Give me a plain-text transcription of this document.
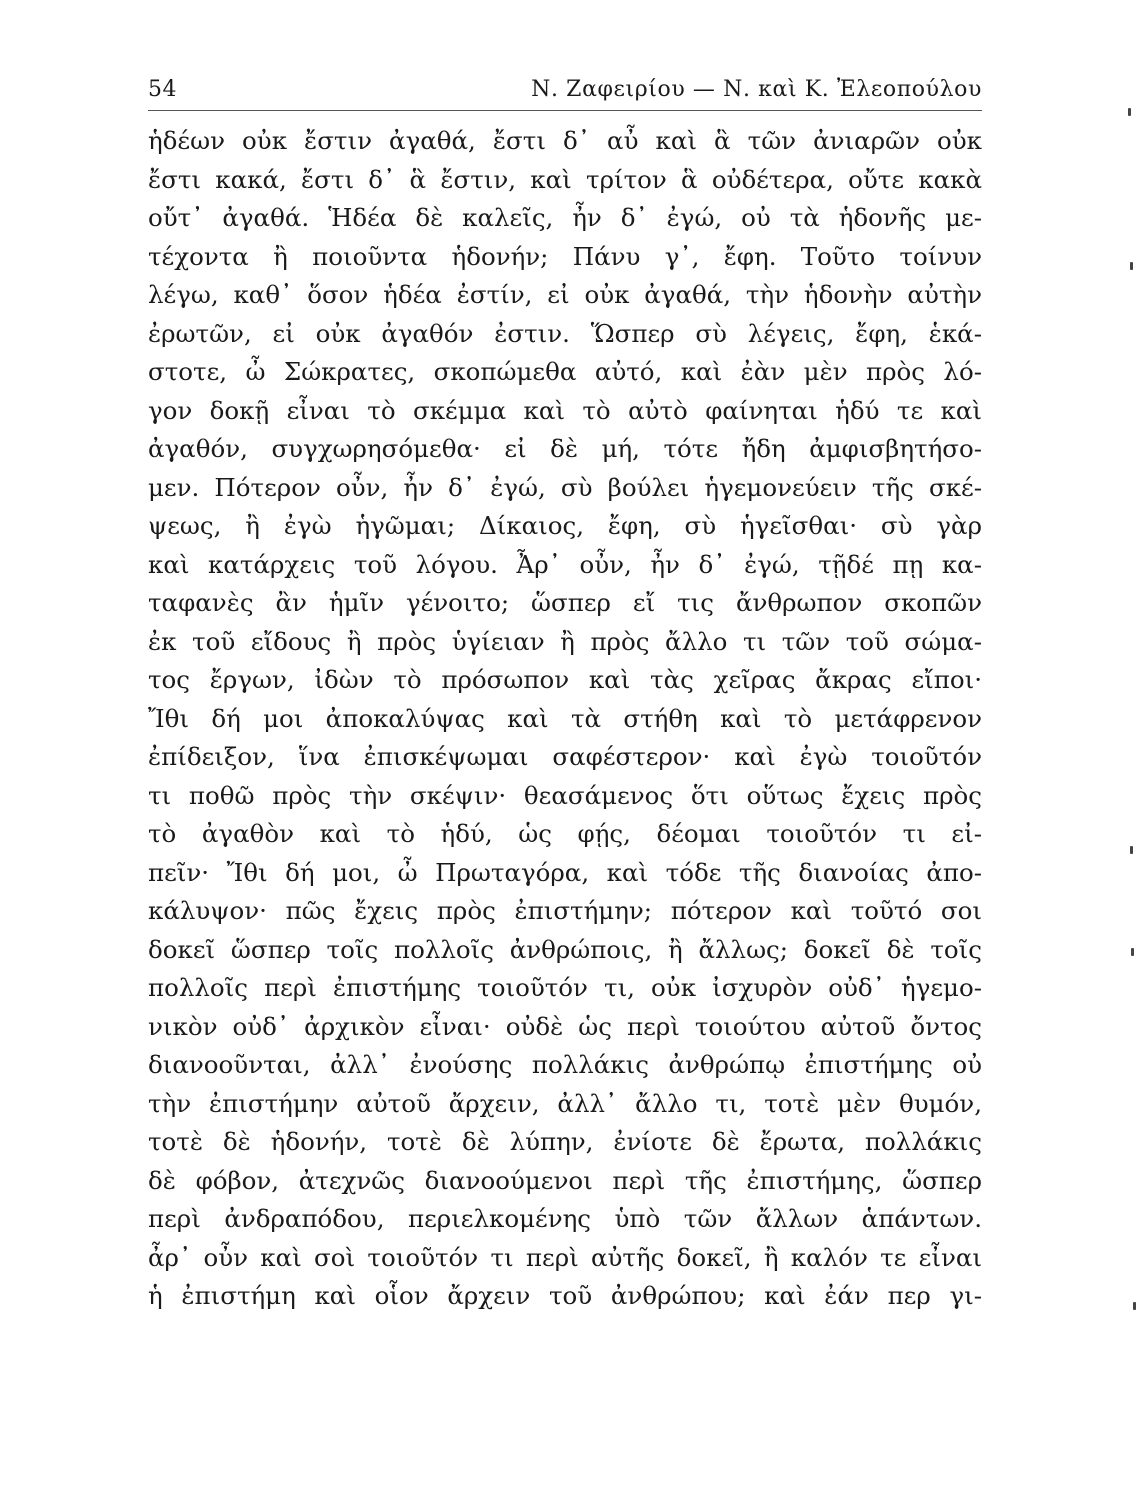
54	Ν. Ζαφειρίου — Ν. καὶ Κ. Ἐλεοπούλου
ἡδέων οὐκ ἔστιν ἀγαθά, ἔστι δ᾽ αὖ καὶ ἃ τῶν ἀνιαρῶν οὐκ
ἔστι κακά, ἔστι δ᾽ ἃ ἔστιν, καὶ τρίτον ἃ οὐδέτερα, οὔτε κακὰ
οὔτ᾽ ἀγαθά. Ἡδέα δὲ καλεῖς, ἦν δ᾽ ἐγώ, οὐ τὰ ἡδονῆς με-
τέχοντα ἢ ποιοῦντα ἡδονήν; Πάνυ γ᾽, ἔφη. Τοῦτο τοίνυν
λέγω, καθ᾽ ὅσον ἡδέα ἐστίν, εἰ οὐκ ἀγαθά, τὴν ἡδονὴν αὐτὴν
ἐρωτῶν, εἰ οὐκ ἀγαθόν ἐστιν. Ὥσπερ σὺ λέγεις, ἔφη, ἑκά-
στοτε, ὦ Σώκρατες, σκοπώμεθα αὐτό, καὶ ἐὰν μὲν πρὸς λό-
γον δοκῇ εἶναι τὸ σκέμμα καὶ τὸ αὐτὸ φαίνηται ἡδύ τε καὶ
ἀγαθόν, συγχωρησόμεθα· εἰ δὲ μή, τότε ἤδη ἀμφισβητήσο-
μεν. Πότερον οὖν, ἦν δ᾽ ἐγώ, σὺ βούλει ἡγεμονεύειν τῆς σκέ-
ψεως, ἢ ἐγὼ ἡγῶμαι; Δίκαιος, ἔφη, σὺ ἡγεῖσθαι· σὺ γὰρ
καὶ κατάρχεις τοῦ λόγου. Ἆρ᾽ οὖν, ἦν δ᾽ ἐγώ, τῇδέ πῃ κα-
ταφανὲς ἂν ἡμῖν γένοιτο; ὥσπερ εἴ τις ἄνθρωπον σκοπῶν
ἐκ τοῦ εἴδους ἢ πρὸς ὑγίειαν ἢ πρὸς ἄλλο τι τῶν τοῦ σώμα-
τος ἔργων, ἰδὼν τὸ πρόσωπον καὶ τὰς χεῖρας ἄκρας εἴποι·
Ἴθι δή μοι ἀποκαλύψας καὶ τὰ στήθη καὶ τὸ μετάφρενον
ἐπίδειξον, ἵνα ἐπισκέψωμαι σαφέστερον· καὶ ἐγὼ τοιοῦτόν
τι ποθῶ πρὸς τὴν σκέψιν· θεασάμενος ὅτι οὕτως ἔχεις πρὸς
τὸ ἀγαθὸν καὶ τὸ ἡδύ, ὡς φῄς, δέομαι τοιοῦτόν τι εἰ-
πεῖν· Ἴθι δή μοι, ὦ Πρωταγόρα, καὶ τόδε τῆς διανοίας ἀπο-
κάλυψον· πῶς ἔχεις πρὸς ἐπιστήμην; πότερον καὶ τοῦτό σοι
δοκεῖ ὥσπερ τοῖς πολλοῖς ἀνθρώποις, ἢ ἄλλως; δοκεῖ δὲ τοῖς
πολλοῖς περὶ ἐπιστήμης τοιοῦτόν τι, οὐκ ἰσχυρὸν οὐδ᾽ ἡγεμο-
νικὸν οὐδ᾽ ἀρχικὸν εἶναι· οὐδὲ ὡς περὶ τοιούτου αὐτοῦ ὄντος
διανοοῦνται, ἀλλ᾽ ἐνούσης πολλάκις ἀνθρώπῳ ἐπιστήμης οὐ
τὴν ἐπιστήμην αὐτοῦ ἄρχειν, ἀλλ᾽ ἄλλο τι, τοτὲ μὲν θυμόν,
τοτὲ δὲ ἡδονήν, τοτὲ δὲ λύπην, ἐνίοτε δὲ ἔρωτα, πολλάκις
δὲ φόβον, ἀτεχνῶς διανοούμενοι περὶ τῆς ἐπιστήμης, ὥσπερ
περὶ ἀνδραπόδου, περιελκομένης ὑπὸ τῶν ἄλλων ἁπάντων.
ἆρ᾽ οὖν καὶ σοὶ τοιοῦτόν τι περὶ αὐτῆς δοκεῖ, ἢ καλόν τε εἶναι
ἡ ἐπιστήμη καὶ οἷον ἄρχειν τοῦ ἀνθρώπου; καὶ ἐάν περ γι-
